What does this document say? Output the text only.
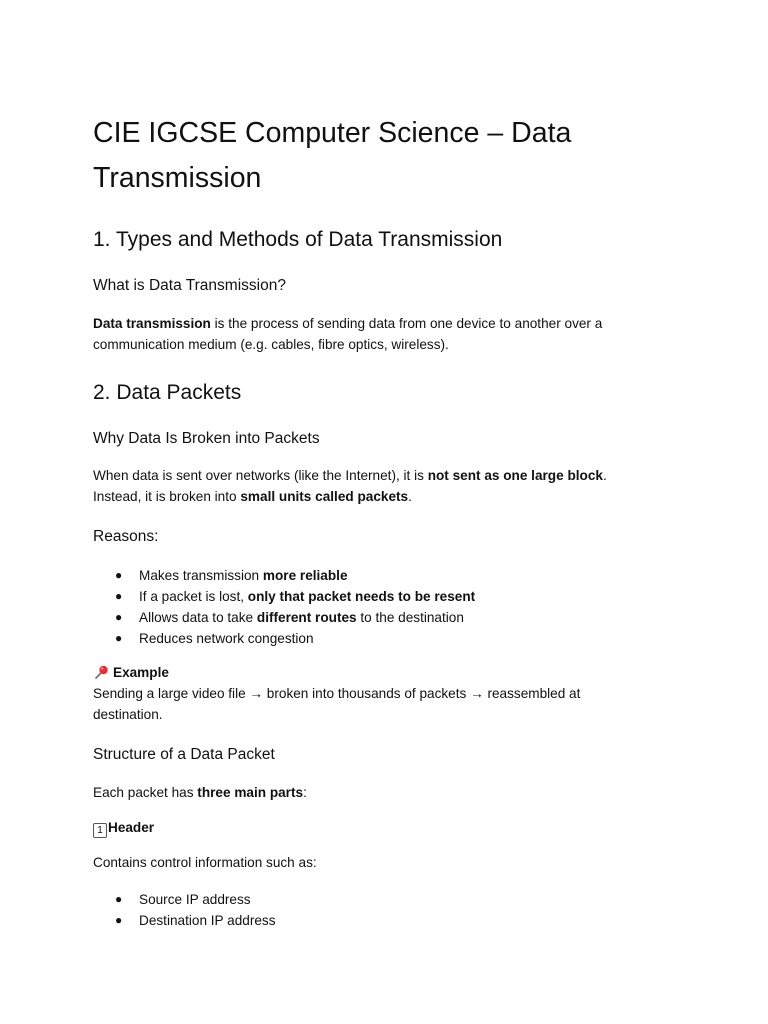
CIE IGCSE Computer Science – Data Transmission
1. Types and Methods of Data Transmission
What is Data Transmission?

Data transmission is the process of sending data from one device to another over a communication medium (e.g. cables, fibre optics, wireless).

2. Data Packets
Why Data Is Broken into Packets

When data is sent over networks (like the Internet), it is not sent as one large block. Instead, it is broken into small units called packets.

Reasons:
● Makes transmission more reliable
● If a packet is lost, only that packet needs to be resent
● Allows data to take different routes to the destination
● Reduces network congestion

Example

Sending a large video file → broken into thousands of packets → reassembled at destination.

Structure of a Data Packet

Each packet has three main parts:

1 Header

Contains control information such as:

● Source IP address
● Destination IP address
